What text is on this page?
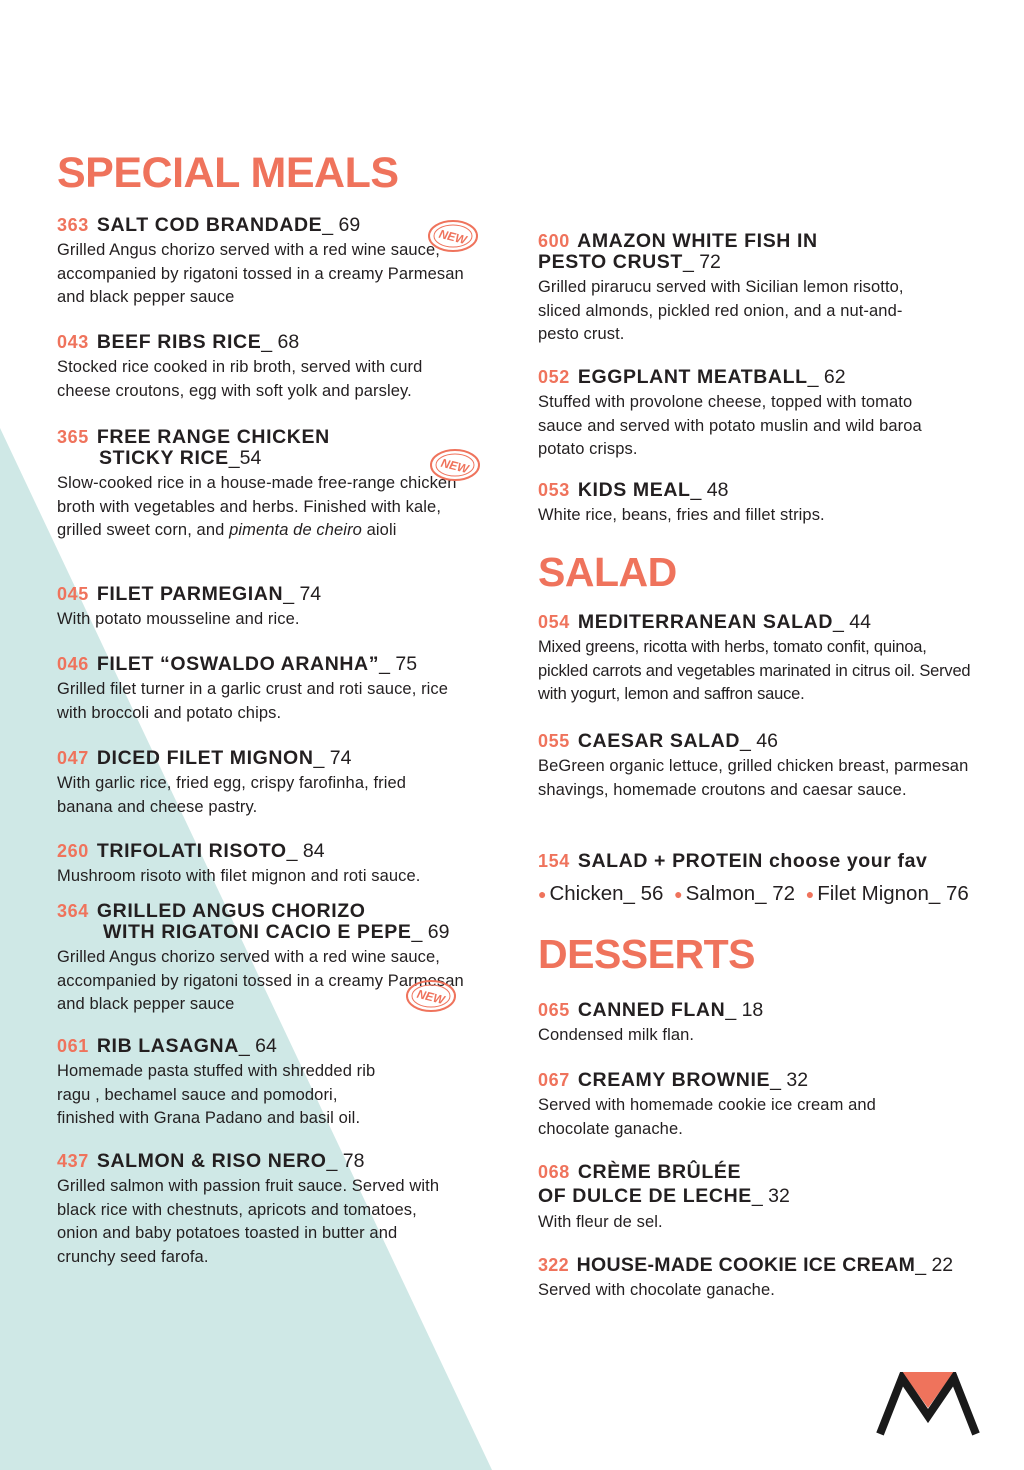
SPECIAL MEALS
363 SALT COD BRANDADE_ 69
Grilled Angus chorizo served with a red wine sauce, accompanied by rigatoni tossed in a creamy Parmesan and black pepper sauce
043 BEEF RIBS RICE_ 68
Stocked rice cooked in rib broth, served with curd cheese croutons, egg with soft yolk and parsley.
365 FREE RANGE CHICKEN
STICKY RICE_54
Slow-cooked rice in a house-made free-range chicken broth with vegetables and herbs. Finished with kale, grilled sweet corn, and pimenta de cheiro aioli
045 FILET PARMEGIAN_ 74
With potato mousseline and rice.
046 FILET “OSWALDO ARANHA”_ 75
Grilled filet turner in a garlic crust and roti sauce, rice with broccoli and potato chips.
047 DICED FILET MIGNON_ 74
With garlic rice, fried egg, crispy farofinha, fried banana and cheese pastry.
260 TRIFOLATI RISOTO_ 84
Mushroom risoto with filet mignon and roti sauce.
364 GRILLED ANGUS CHORIZO
WITH RIGATONI CACIO E PEPE_ 69
Grilled Angus chorizo served with a red wine sauce, accompanied by rigatoni tossed in a creamy Parmesan and black pepper sauce
061 RIB LASAGNA_ 64
Homemade pasta stuffed with shredded rib ragu , bechamel sauce and pomodori, finished with Grana Padano and basil oil.
437 SALMON & RISO NERO_ 78
Grilled salmon with passion fruit sauce. Served with black rice with chestnuts, apricots and tomatoes, onion and baby potatoes toasted in butter and crunchy seed farofa.
NEW
NEW
NEW
600 AMAZON WHITE FISH IN
PESTO CRUST_ 72
Grilled pirarucu served with Sicilian lemon risotto, sliced almonds, pickled red onion, and a nut-and-pesto crust.
052 EGGPLANT MEATBALL_ 62
Stuffed with provolone cheese, topped with tomato sauce and served with potato muslin and wild baroa potato crisps.
053 KIDS MEAL_ 48
White rice, beans, fries and fillet strips.
SALAD
054 MEDITERRANEAN SALAD_ 44
Mixed greens, ricotta with herbs, tomato confit, quinoa, pickled carrots and vegetables marinated in citrus oil. Served with yogurt, lemon and saffron sauce.
055 CAESAR SALAD_ 46
BeGreen organic lettuce, grilled chicken breast, parmesan shavings, homemade croutons and caesar sauce.
154 SALAD + PROTEIN choose your fav
● Chicken_ 56 ● Salmon_ 72 ● Filet Mignon_ 76
DESSERTS
065 CANNED FLAN_ 18
Condensed milk flan.
067 CREAMY BROWNIE_ 32
Served with homemade cookie ice cream and chocolate ganache.
068 CRÈME BRÛLÉE
OF DULCE DE LECHE_ 32
With fleur de sel.
322 HOUSE-MADE COOKIE ICE CREAM_ 22
Served with chocolate ganache.
